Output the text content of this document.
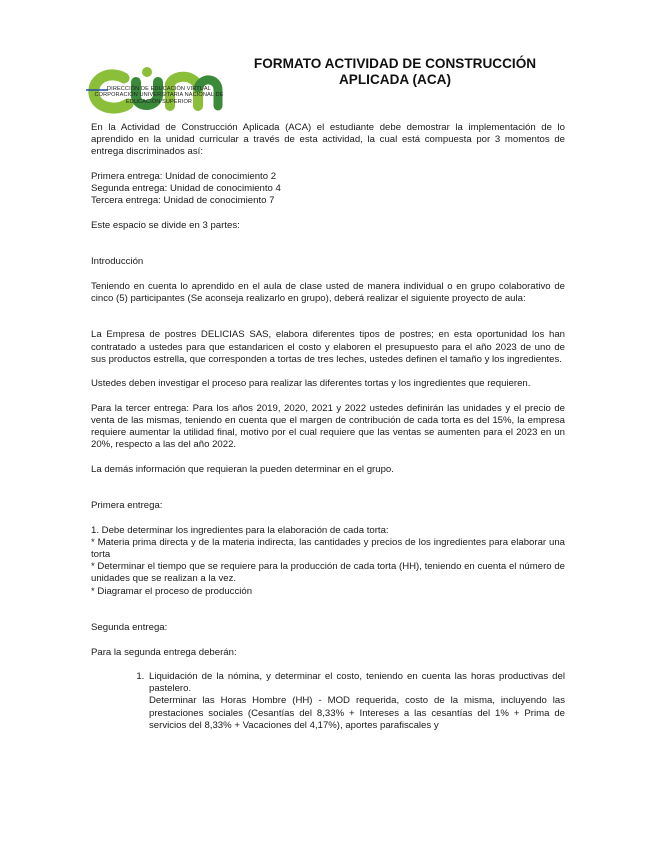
DIRECCIÓN DE EDUCACIÓN VIRTUAL
CORPORACIÓN UNIVERSITARIA NACIONAL DE
EDUCACIÓN SUPERIOR
FORMATO ACTIVIDAD DE CONSTRUCCIÓN
APLICADA (ACA)

En la Actividad de Construcción Aplicada (ACA) el estudiante debe demostrar la implementación de lo aprendido en la unidad curricular a través de esta actividad, la cual está compuesta por 3 momentos de entrega discriminados así:

Primera entrega: Unidad de conocimiento 2

Segunda entrega: Unidad de conocimiento 4

Tercera entrega: Unidad de conocimiento 7

Este espacio se divide en 3 partes:

Introducción

Teniendo en cuenta lo aprendido en el aula de clase usted de manera individual o en grupo colaborativo de cinco (5) participantes (Se aconseja realizarlo en grupo), deberá realizar el siguiente proyecto de aula:

La Empresa de postres DELICIAS SAS, elabora diferentes tipos de postres; en esta oportunidad los han contratado a ustedes para que estandaricen el costo y elaboren el presupuesto para el año 2023 de uno de sus productos estrella, que corresponden a tortas de tres leches, ustedes definen el tamaño y los ingredientes.

Ustedes deben investigar el proceso para realizar las diferentes tortas y los ingredientes que requieren.

Para la tercer entrega: Para los años 2019, 2020, 2021 y 2022 ustedes definirán las unidades y el precio de venta de las mismas, teniendo en cuenta que el margen de contribución de cada torta es del 15%, la empresa requiere aumentar la utilidad final, motivo por el cual requiere que las ventas se aumenten para el 2023 en un 20%, respecto a las del año 2022.

La demás información que requieran la pueden determinar en el grupo.

Primera entrega:

1. Debe determinar los ingredientes para la elaboración de cada torta:

* Materia prima directa y de la materia indirecta, las cantidades y precios de los ingredientes para elaborar una torta

* Determinar el tiempo que se requiere para la producción de cada torta (HH), teniendo en cuenta el número de unidades que se realizan a la vez.

* Diagramar el proceso de producción

Segunda entrega:

Para la segunda entrega deberán:

1. Liquidación de la nómina, y determinar el costo, teniendo en cuenta las horas productivas del pastelero.
Determinar las Horas Hombre (HH) - MOD requerida, costo de la misma, incluyendo las prestaciones sociales (Cesantías del 8,33% + Intereses a las cesantías del 1% + Prima de servicios del 8,33% + Vacaciones del 4,17%), aportes parafiscales y
